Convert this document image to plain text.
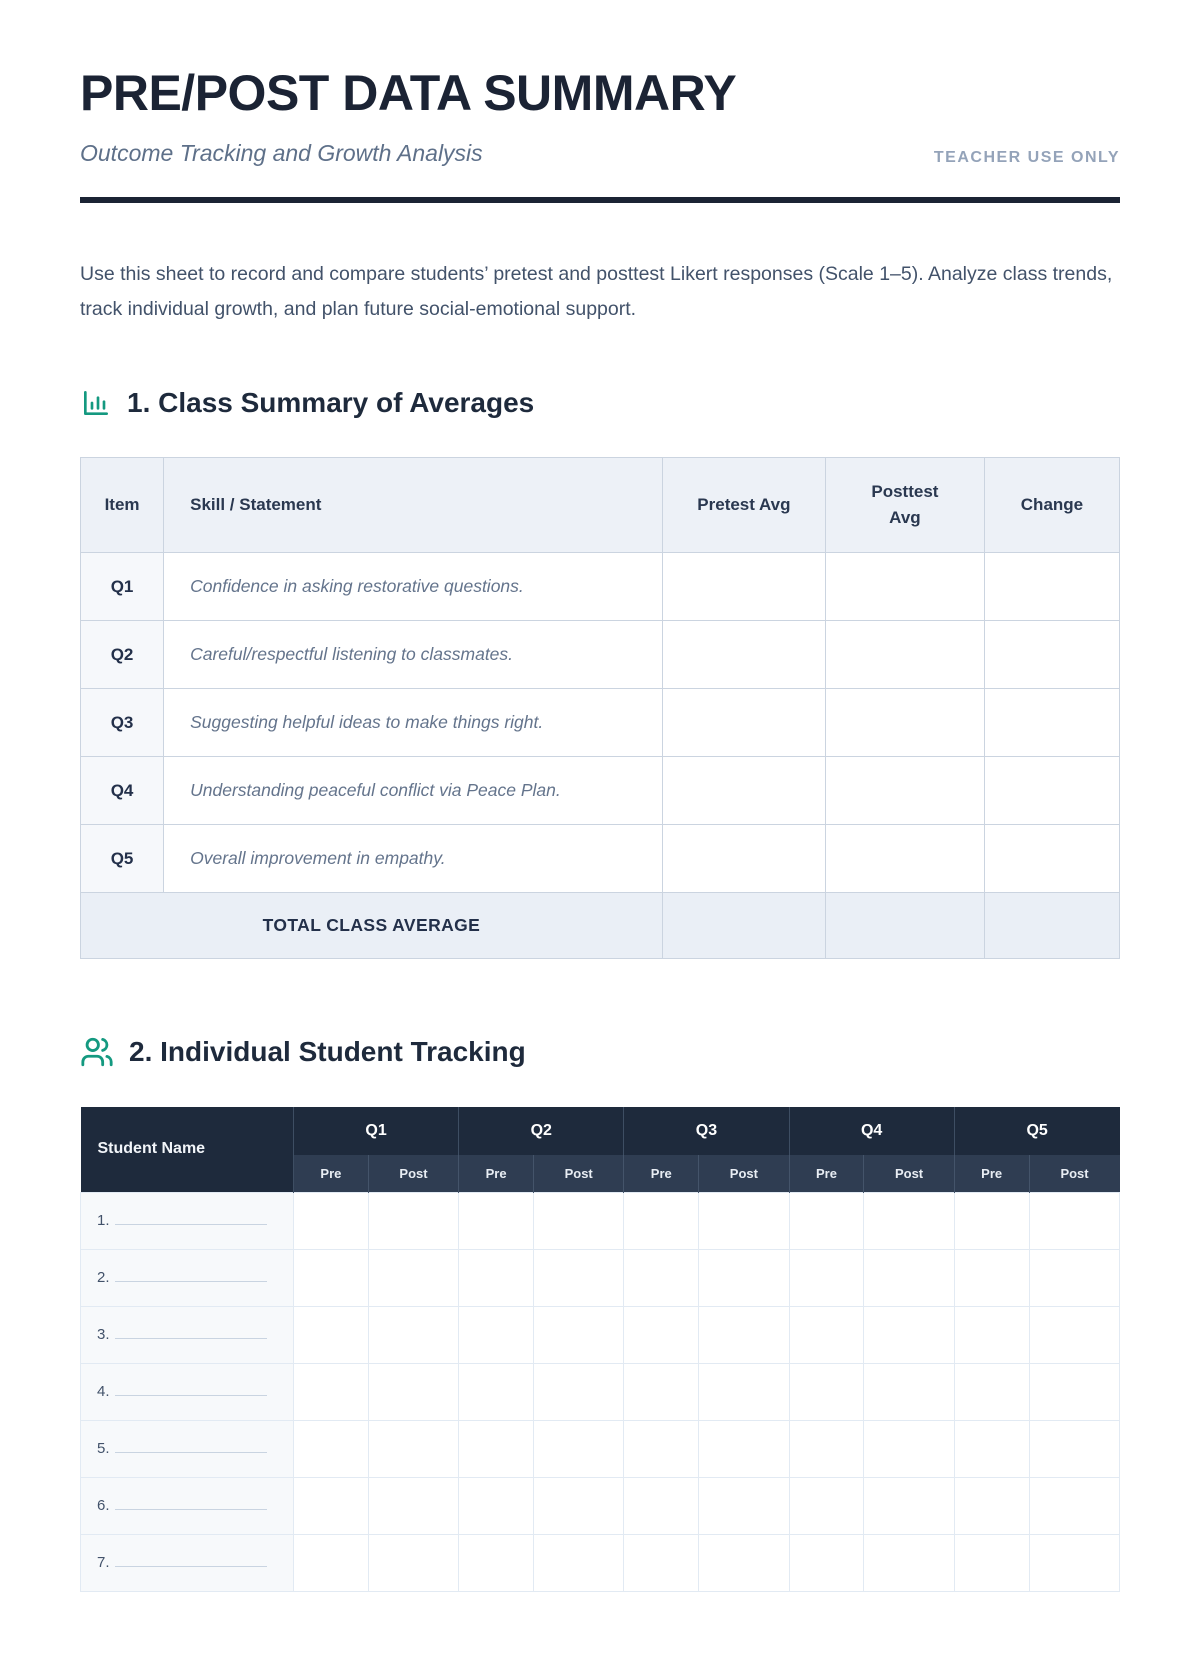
PRE/POST DATA SUMMARY
Outcome Tracking and Growth Analysis	TEACHER USE ONLY

Use this sheet to record and compare students’ pretest and posttest Likert responses (Scale 1–5). Analyze class trends, track individual growth, and plan future social-emotional support.

1. Class Summary of Averages
Item	Skill / Statement	Pretest Avg	Posttest Avg	Change
Q1	Confidence in asking restorative questions.			
Q2	Careful/respectful listening to classmates.			
Q3	Suggesting helpful ideas to make things right.			
Q4	Understanding peaceful conflict via Peace Plan.			
Q5	Overall improvement in empathy.			
TOTAL CLASS AVERAGE				
2. Individual Student Tracking
Student Name	Q1		Q2		Q3		Q4		Q5	
	Pre	Post	Pre	Post	Pre	Post	Pre	Post	Pre	Post
1.										
2.										
3.										
4.										
5.										
6.										
7.										
